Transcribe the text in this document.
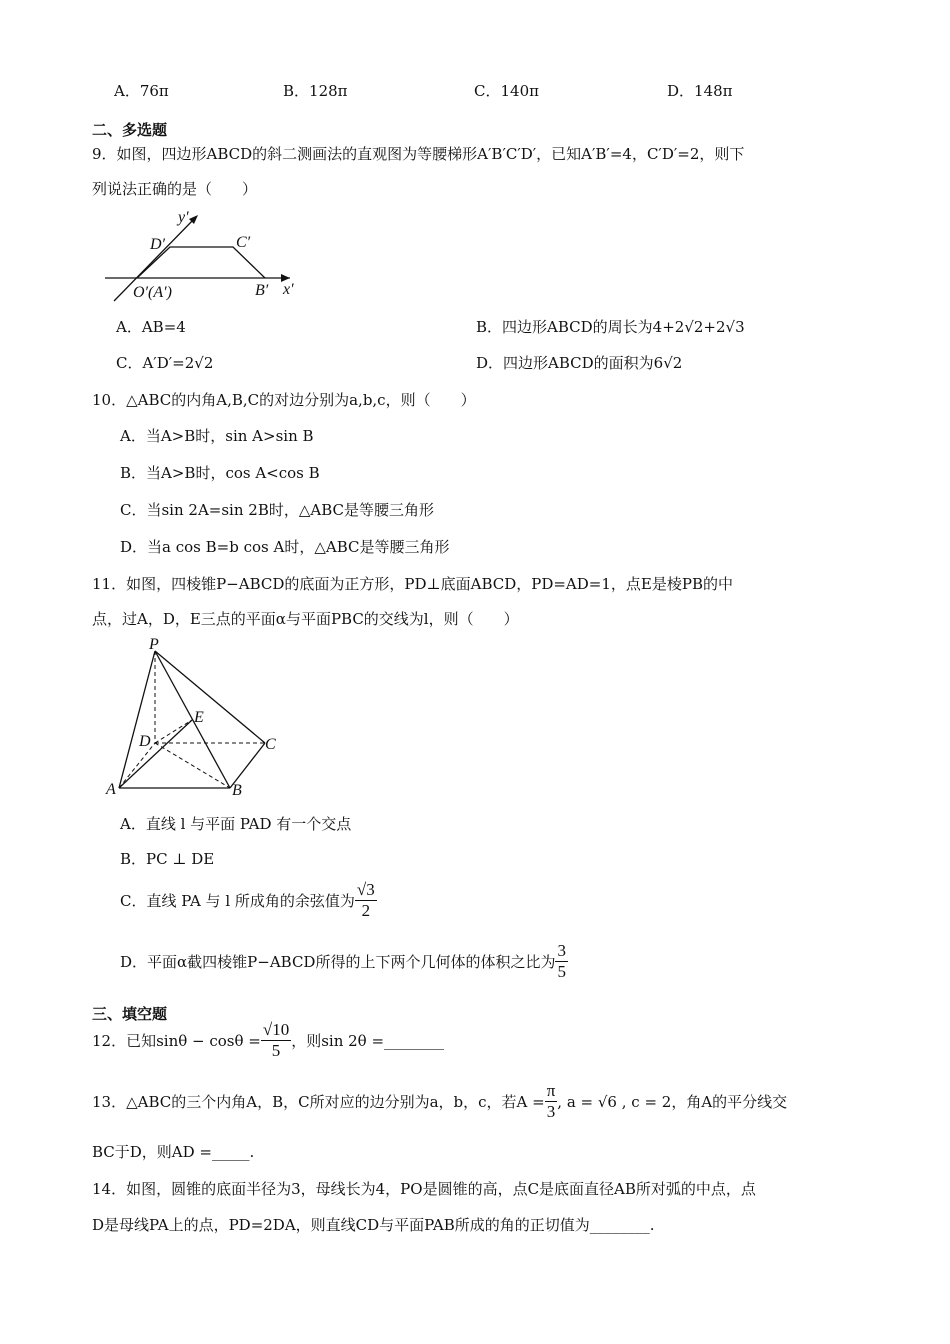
A．76π	B．128π	C．140π	D．148π
二、多选题
9．如图，四边形ABCD的斜二测画法的直观图为等腰梯形A′B′C′D′，已知A′B′=4，C′D′=2，则下
列说法正确的是（　　）
y′
x′
D′	C′
O′(A′)	B′
A．AB=4	B．四边形ABCD的周长为4+2√2+2√3
C．A′D′=2√2	D．四边形ABCD的面积为6√2
10．△ABC的内角A,B,C的对边分别为a,b,c，则（　　）
A．当A>B时，sin A>sin B
B．当A>B时，cos A<cos B
C．当sin 2A=sin 2B时，△ABC是等腰三角形
D．当a cos B=b cos A时，△ABC是等腰三角形
11．如图，四棱锥P−ABCD的底面为正方形，PD⊥底面ABCD，PD=AD=1，点E是棱PB的中
点，过A，D，E三点的平面α与平面PBC的交线为l，则（　　）
P
E
D	C
A	B
A．直线 l 与平面 PAD 有一个交点
B．PC ⊥ DE
C．直线 PA 与 l 所成角的余弦值为 $\frac{√3}{2}$
D．平面α截四棱锥P−ABCD所得的上下两个几何体的体积之比为 $\frac{3}{5}$
三、填空题
12．已知$\sin\theta - \cos\theta = \frac{√10}{5}$ ，则sin 2θ =________
13．△ABC的三个内角A，B，C所对应的边分别为a，b，c，若$A = \frac{\pi}{3}$ , a = √6 , c = 2，角A的平分线交
BC于D，则AD =_____.
14．如图，圆锥的底面半径为3，母线长为4，PO是圆锥的高，点C是底面直径AB所对弧的中点，点
D是母线PA上的点，PD=2DA，则直线CD与平面PAB所成的角的正切值为________.
